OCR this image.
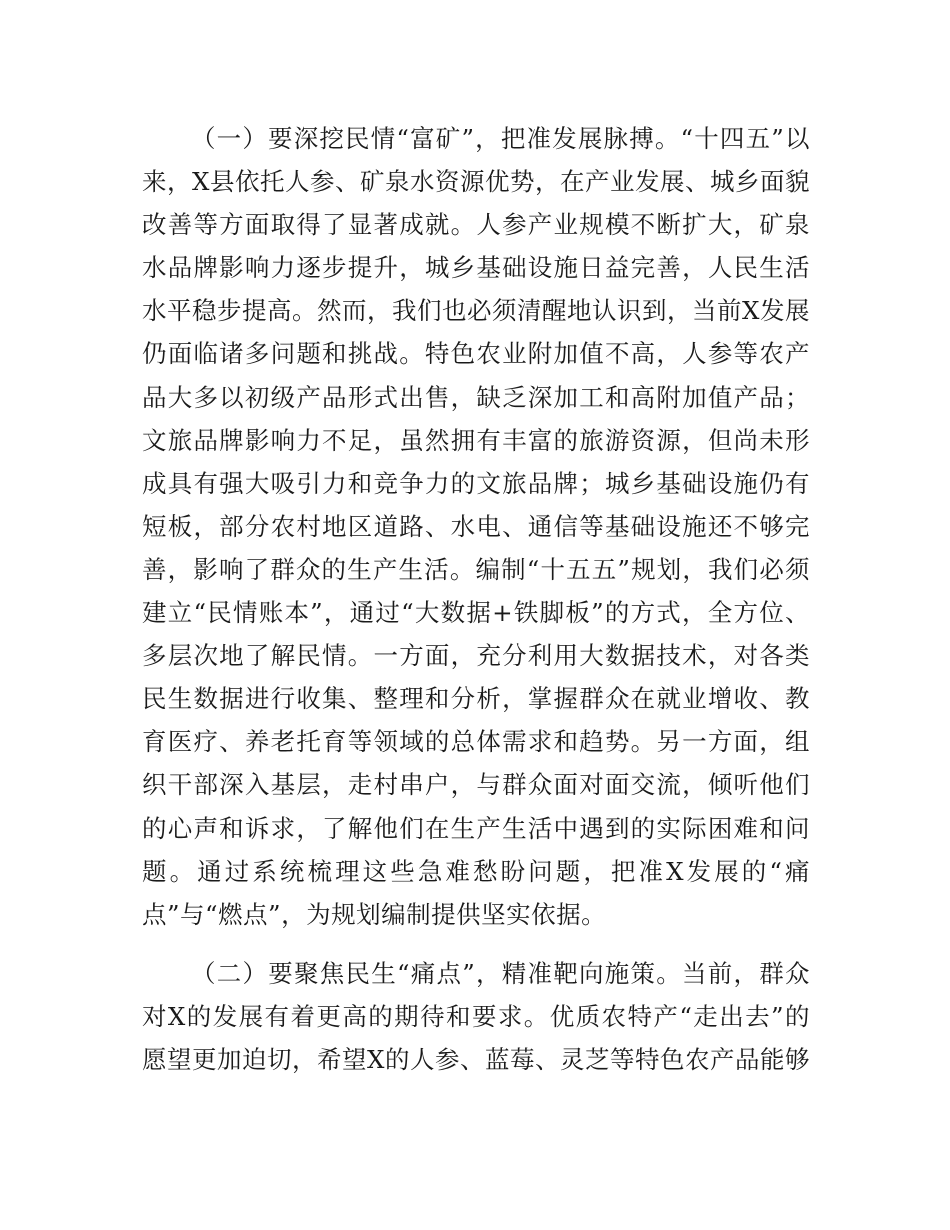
（一）要深挖民情“富矿”，把准发展脉搏。“十四五”以来，X县依托人参、矿泉水资源优势，在产业发展、城乡面貌改善等方面取得了显著成就。人参产业规模不断扩大，矿泉水品牌影响力逐步提升，城乡基础设施日益完善，人民生活水平稳步提高。然而，我们也必须清醒地认识到，当前X发展仍面临诸多问题和挑战。特色农业附加值不高，人参等农产品大多以初级产品形式出售，缺乏深加工和高附加值产品；文旅品牌影响力不足，虽然拥有丰富的旅游资源，但尚未形成具有强大吸引力和竞争力的文旅品牌；城乡基础设施仍有短板，部分农村地区道路、水电、通信等基础设施还不够完善，影响了群众的生产生活。编制“十五五”规划，我们必须建立“民情账本”，通过“大数据+铁脚板”的方式，全方位、多层次地了解民情。一方面，充分利用大数据技术，对各类民生数据进行收集、整理和分析，掌握群众在就业增收、教育医疗、养老托育等领域的总体需求和趋势。另一方面，组织干部深入基层，走村串户，与群众面对面交流，倾听他们的心声和诉求，了解他们在生产生活中遇到的实际困难和问题。通过系统梳理这些急难愁盼问题，把准X发展的“痛点”与“燃点”，为规划编制提供坚实依据。

（二）要聚焦民生“痛点”，精准靶向施策。当前，群众对X的发展有着更高的期待和要求。优质农特产“走出去”的愿望更加迫切，希望X的人参、蓝莓、灵芝等特色农产品能够
